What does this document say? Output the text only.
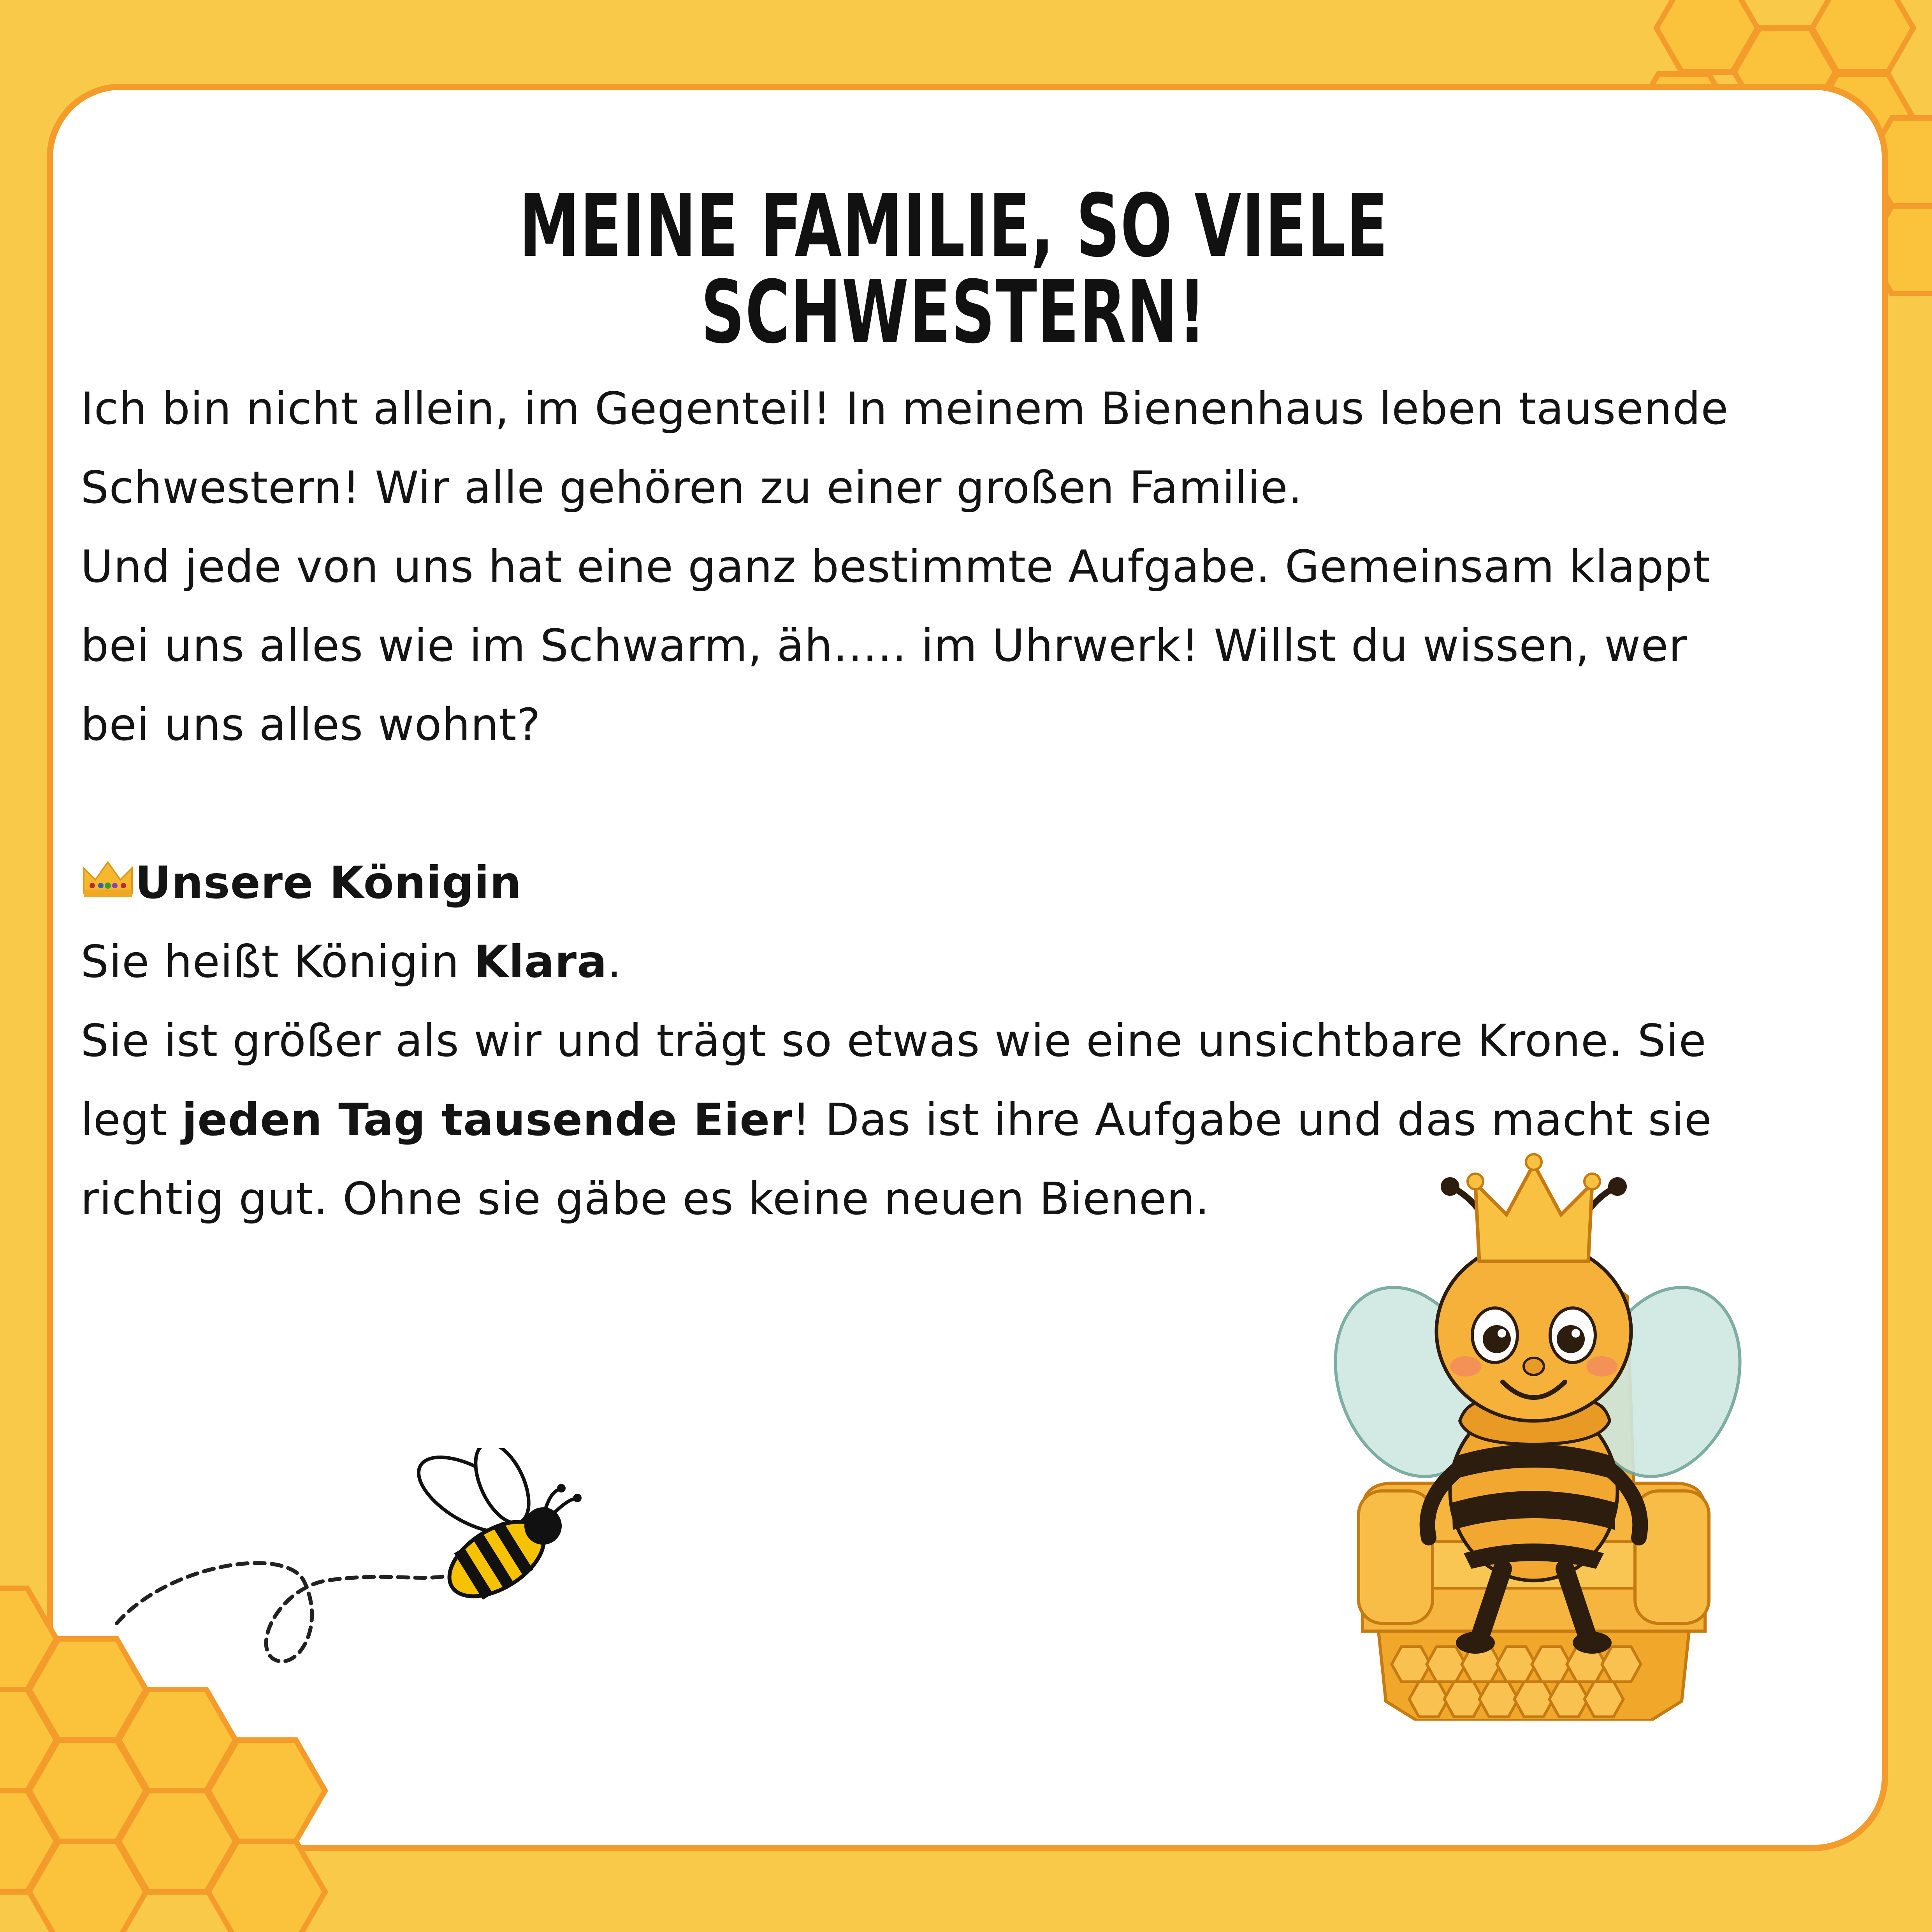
MEINE FAMILIE, SO VIELE SCHWESTERN!

Ich bin nicht allein, im Gegenteil! In meinem Bienenhaus leben tausende

Schwestern! Wir alle gehören zu einer großen Familie.

Und jede von uns hat eine ganz bestimmte Aufgabe. Gemeinsam klappt

bei uns alles wie im Schwarm, äh….. im Uhrwerk! Willst du wissen, wer

bei uns alles wohnt?

Unsere Königin

Sie heißt Königin Klara.

Sie ist größer als wir und trägt so etwas wie eine unsichtbare Krone. Sie

legt jeden Tag tausende Eier! Das ist ihre Aufgabe und das macht sie

richtig gut. Ohne sie gäbe es keine neuen Bienen.
